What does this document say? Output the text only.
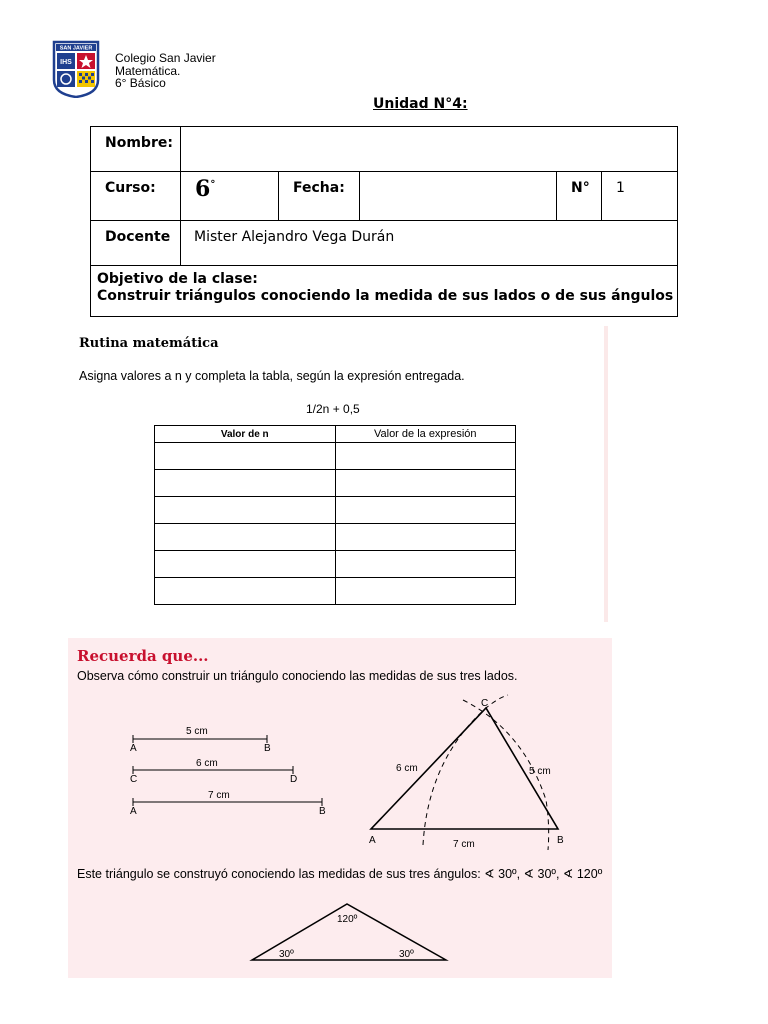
SAN JAVIER
IHS	Colegio San Javier
Matemática.
6° Básico
Unidad N°4:
Nombre:					

Curso:	6°	Fecha:		N°	1

Docente	Mister Alejandro Vega Durán				

Objetivo de la clase:
Construir triángulos conociendo la medida de sus lados o de sus ángulos					
Rutina matemática
Asigna valores a n y completa la tabla, según la expresión entregada.
1/2n + 0,5
Valor de n	Valor de la expresión

Recuerda que...
Observa cómo construir un triángulo conociendo las medidas de sus tres lados.
5 cm
A	B
6 cm
C	D
7 cm
A	B
A	B
C
6 cm	5 cm
7 cm
Este triángulo se construyó conociendo las medidas de sus tres ángulos: ∢ 30º, ∢ 30º, ∢ 120º
120º
30º	30º
